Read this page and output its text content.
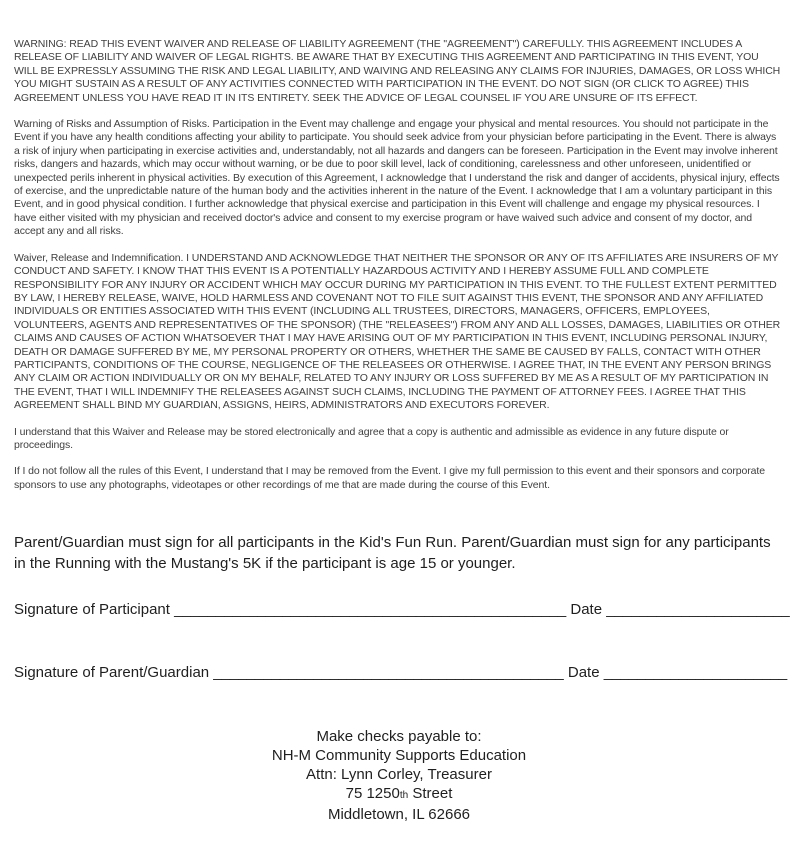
WARNING: READ THIS EVENT WAIVER AND RELEASE OF LIABILITY AGREEMENT (THE "AGREEMENT") CAREFULLY. THIS AGREEMENT INCLUDES A RELEASE OF LIABILITY AND WAIVER OF LEGAL RIGHTS. BE AWARE THAT BY EXECUTING THIS AGREEMENT AND PARTICIPATING IN THIS EVENT, YOU WILL BE EXPRESSLY ASSUMING THE RISK AND LEGAL LIABILITY, AND WAIVING AND RELEASING ANY CLAIMS FOR INJURIES, DAMAGES, OR LOSS WHICH YOU MIGHT SUSTAIN AS A RESULT OF ANY ACTIVITIES CONNECTED WITH PARTICIPATION IN THE EVENT. DO NOT SIGN (OR CLICK TO AGREE) THIS AGREEMENT UNLESS YOU HAVE READ IT IN ITS ENTIRETY. SEEK THE ADVICE OF LEGAL COUNSEL IF YOU ARE UNSURE OF ITS EFFECT.

Warning of Risks and Assumption of Risks. Participation in the Event may challenge and engage your physical and mental resources. You should not participate in the Event if you have any health conditions affecting your ability to participate. You should seek advice from your physician before participating in the Event. There is always a risk of injury when participating in exercise activities and, understandably, not all hazards and dangers can be foreseen. Participation in the Event may involve inherent risks, dangers and hazards, which may occur without warning, or be due to poor skill level, lack of conditioning, carelessness and other unforeseen, unidentified or unexpected perils inherent in physical activities. By execution of this Agreement, I acknowledge that I understand the risk and danger of accidents, physical injury, effects of exercise, and the unpredictable nature of the human body and the activities inherent in the nature of the Event. I acknowledge that I am a voluntary participant in this Event, and in good physical condition. I further acknowledge that physical exercise and participation in this Event will challenge and engage my physical resources. I have either visited with my physician and received doctor's advice and consent to my exercise program or have waived such advice and consent of my doctor, and accept any and all risks.

Waiver, Release and Indemnification. I UNDERSTAND AND ACKNOWLEDGE THAT NEITHER THE SPONSOR OR ANY OF ITS AFFILIATES ARE INSURERS OF MY CONDUCT AND SAFETY. I KNOW THAT THIS EVENT IS A POTENTIALLY HAZARDOUS ACTIVITY AND I HEREBY ASSUME FULL AND COMPLETE RESPONSIBILITY FOR ANY INJURY OR ACCIDENT WHICH MAY OCCUR DURING MY PARTICIPATION IN THIS EVENT. TO THE FULLEST EXTENT PERMITTED BY LAW, I HEREBY RELEASE, WAIVE, HOLD HARMLESS AND COVENANT NOT TO FILE SUIT AGAINST THIS EVENT, THE SPONSOR AND ANY AFFILIATED INDIVIDUALS OR ENTITIES ASSOCIATED WITH THIS EVENT (INCLUDING ALL TRUSTEES, DIRECTORS, MANAGERS, OFFICERS, EMPLOYEES, VOLUNTEERS, AGENTS AND REPRESENTATIVES OF THE SPONSOR) (THE "RELEASEES") FROM ANY AND ALL LOSSES, DAMAGES, LIABILITIES OR OTHER CLAIMS AND CAUSES OF ACTION WHATSOEVER THAT I MAY HAVE ARISING OUT OF MY PARTICIPATION IN THIS EVENT, INCLUDING PERSONAL INJURY, DEATH OR DAMAGE SUFFERED BY ME, MY PERSONAL PROPERTY OR OTHERS, WHETHER THE SAME BE CAUSED BY FALLS, CONTACT WITH OTHER PARTICIPANTS, CONDITIONS OF THE COURSE, NEGLIGENCE OF THE RELEASEES OR OTHERWISE. I AGREE THAT, IN THE EVENT ANY PERSON BRINGS ANY CLAIM OR ACTION INDIVIDUALLY OR ON MY BEHALF, RELATED TO ANY INJURY OR LOSS SUFFERED BY ME AS A RESULT OF MY PARTICIPATION IN THE EVENT, THAT I WILL INDEMNIFY THE RELEASEES AGAINST SUCH CLAIMS, INCLUDING THE PAYMENT OF ATTORNEY FEES. I AGREE THAT THIS AGREEMENT SHALL BIND MY GUARDIAN, ASSIGNS, HEIRS, ADMINISTRATORS AND EXECUTORS FOREVER.

I understand that this Waiver and Release may be stored electronically and agree that a copy is authentic and admissible as evidence in any future dispute or proceedings.

If I do not follow all the rules of this Event, I understand that I may be removed from the Event. I give my full permission to this event and their sponsors and corporate sponsors to use any photographs, videotapes or other recordings of me that are made during the course of this Event.

Parent/Guardian must sign for all participants in the Kid's Fun Run. Parent/Guardian must sign for any participants in the Running with the Mustang's 5K if the participant is age 15 or younger.

Signature of Participant _______________________________________________ Date ______________________
Signature of Parent/Guardian __________________________________________ Date ______________________
Make checks payable to:
NH-M Community Supports Education
Attn: Lynn Corley, Treasurer
75 1250th Street
Middletown, IL 62666
